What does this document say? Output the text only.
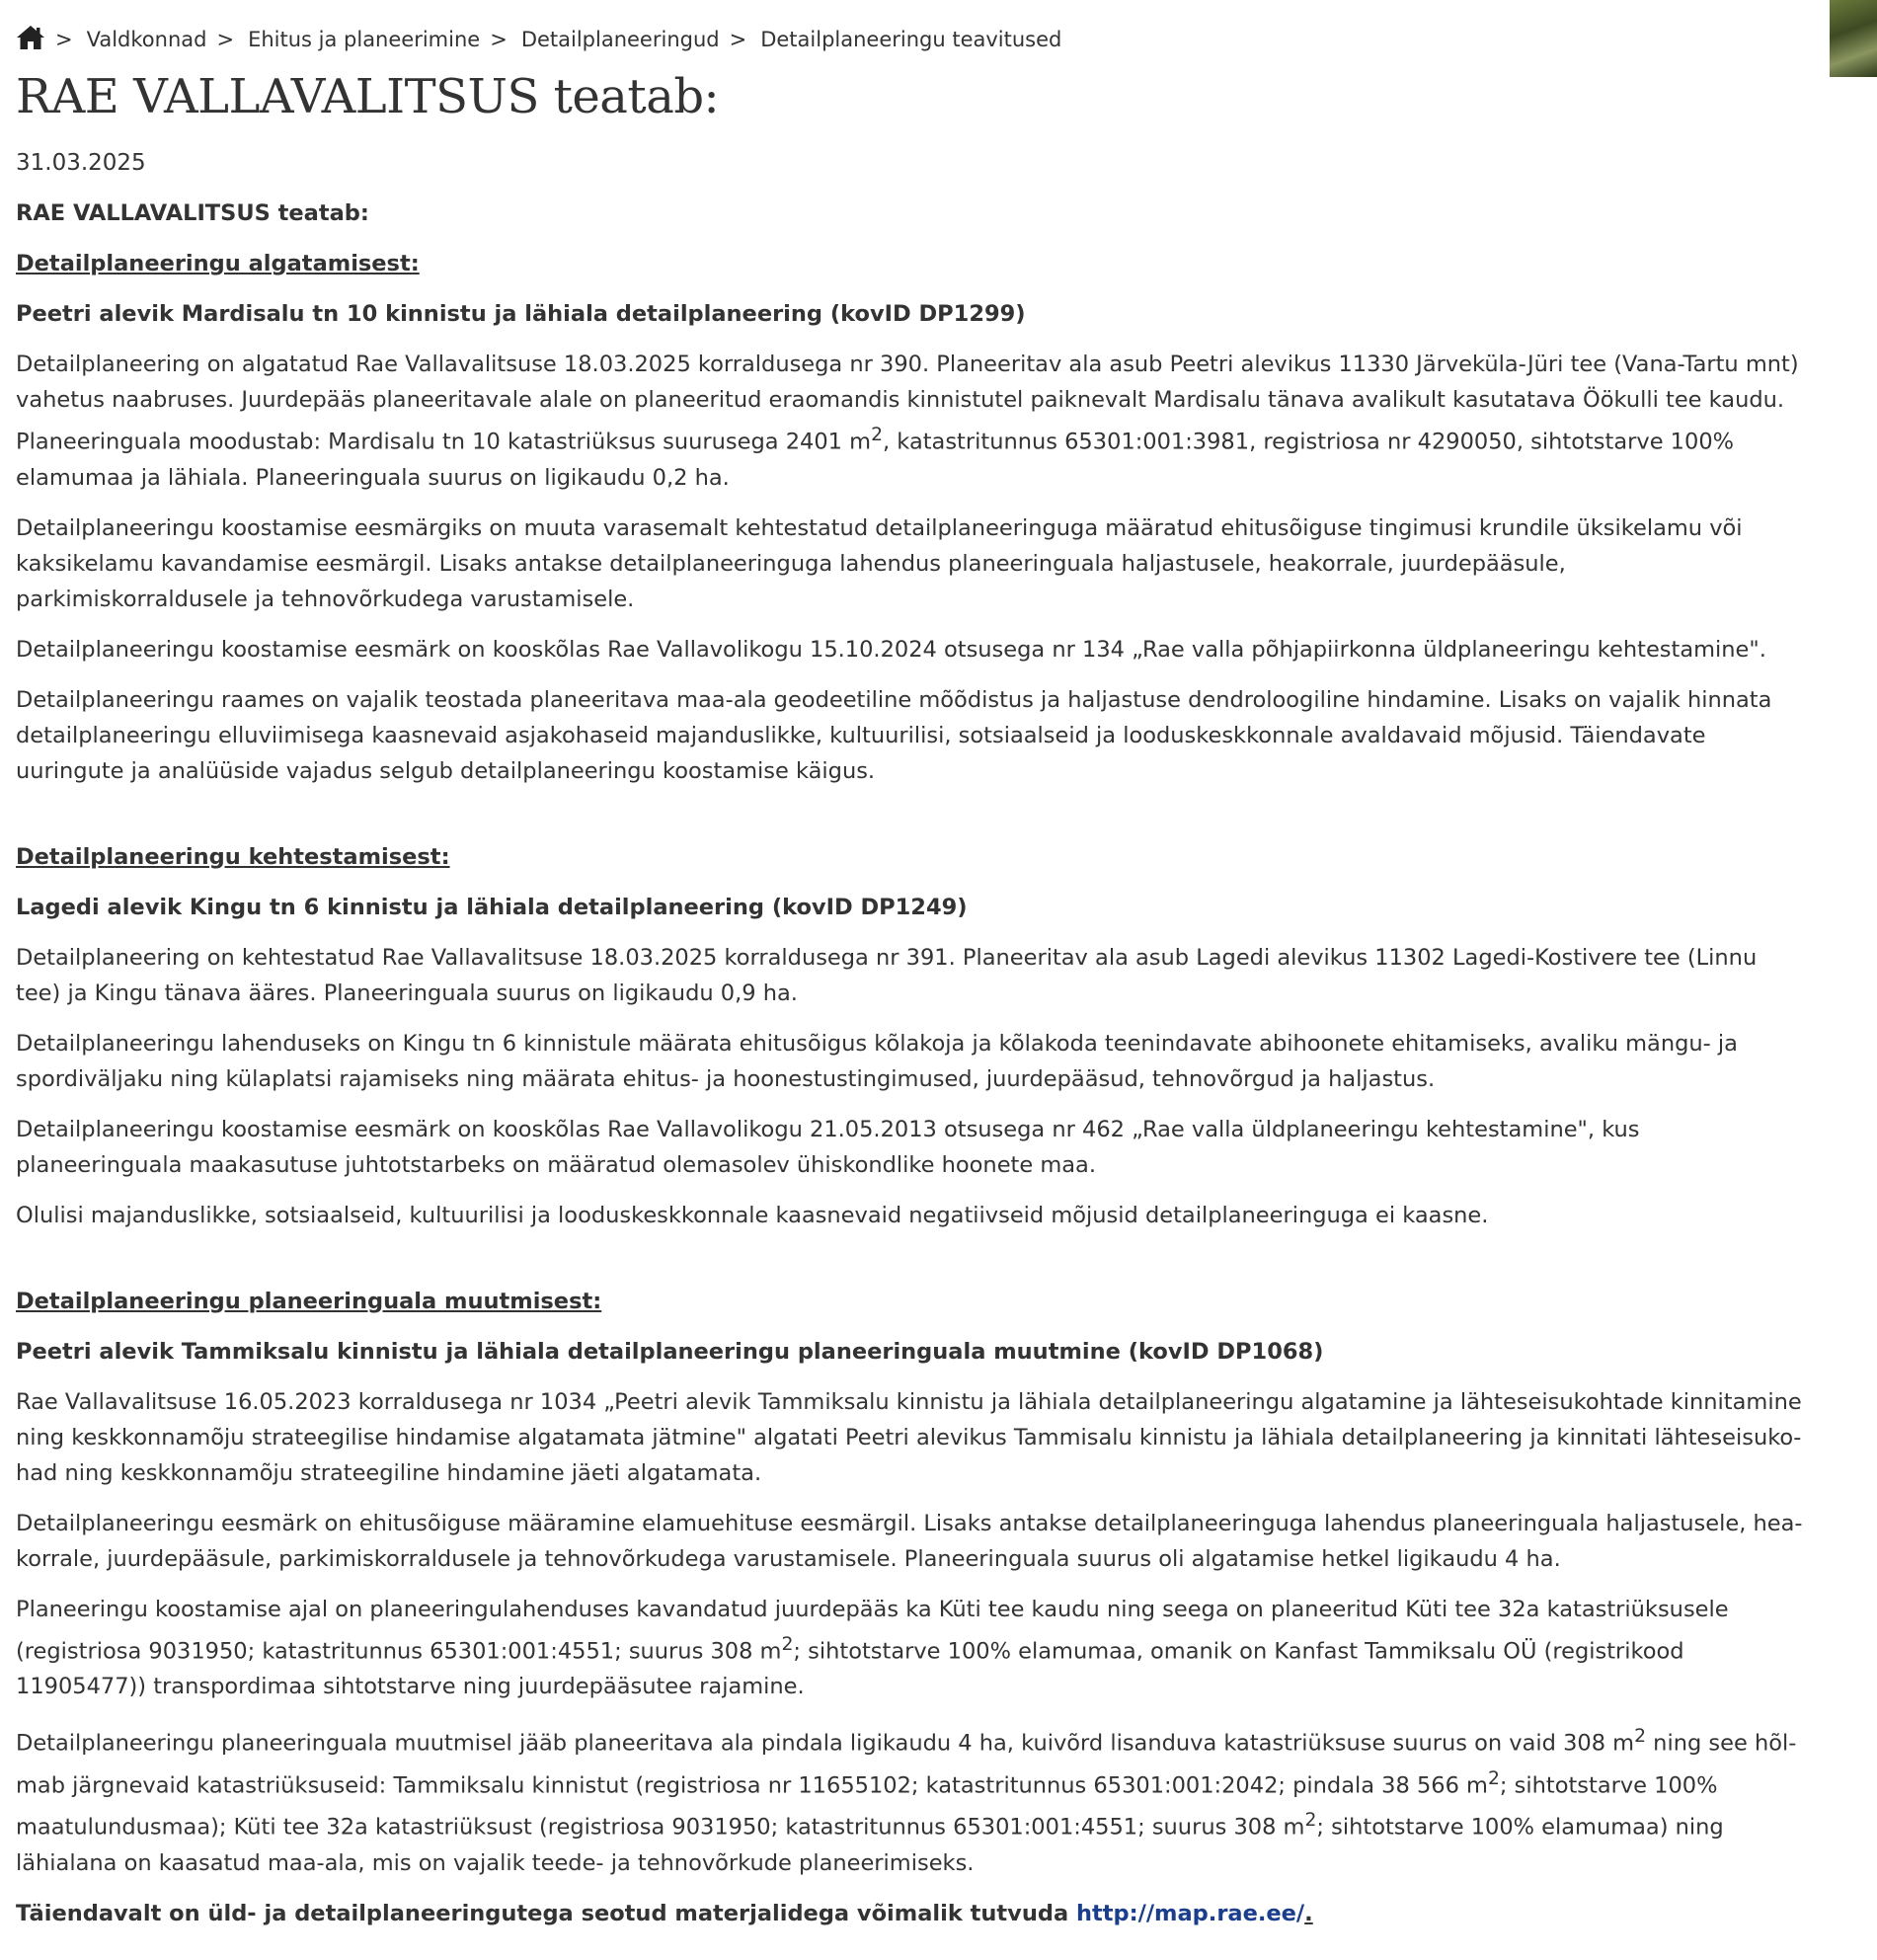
> Valdkonnad > Ehitus ja planeerimine > Detailplaneeringud > Detailplaneeringu teavitused
RAE VALLAVALITSUS teatab:
31.03.2025

RAE VALLAVALITSUS teatab:

Detailplaneeringu algatamisest:

Peetri alevik Mardisalu tn 10 kinnistu ja lähiala detailplaneering (kovID DP1299)

Detailplaneering on algatatud Rae Vallavalitsuse 18.03.2025 korraldusega nr 390. Planeeritav ala asub Peetri alevikus 11330 Järveküla-Jüri tee (Vana-Tartu mnt) vahetus naabruses. Juurdepääs planeeritavale alale on planeeritud eraomandis kinnistutel paiknevalt Mardisalu tänava avalikult kasutatava Öökulli tee kaudu. Planeeringuala moodustab: Mardisalu tn 10 katastriüksus suurusega 2401 $m^2$, katastritunnus 65301:001:3981, registriosa nr 4290050, sihtotstarve 100% elamumaa ja lähiala. Planeeringuala suurus on ligikaudu 0,2 ha.

Detailplaneeringu koostamise eesmärgiks on muuta varasemalt kehtestatud detailplaneeringuga määratud ehitusõiguse tingimusi krundile üksikelamu või kaksikelamu kavandamise eesmärgil. Lisaks antakse detailplaneeringuga lahendus planeeringuala haljastusele, heakorrale, juurdepääsule, parkimiskorraldusele ja tehnovõrkudega varustamisele.

Detailplaneeringu koostamise eesmärk on kooskõlas Rae Vallavolikogu 15.10.2024 otsusega nr 134 „Rae valla põhjapiirkonna üldplaneeringu kehtestamine".

Detailplaneeringu raames on vajalik teostada planeeritava maa-ala geodeetiline mõõdistus ja haljastuse dendroloogiline hindamine. Lisaks on vajalik hinnata detailplaneeringu elluviimisega kaasnevaid asjakohaseid majanduslikke, kultuurilisi, sotsiaalseid ja looduskeskkonnale avaldavaid mõjusid. Täiendavate uuringute ja analüüside vajadus selgub detailplaneeringu koostamise käigus.

Detailplaneeringu kehtestamisest:

Lagedi alevik Kingu tn 6 kinnistu ja lähiala detailplaneering (kovID DP1249)

Detailplaneering on kehtestatud Rae Vallavalitsuse 18.03.2025 korraldusega nr 391. Planeeritav ala asub Lagedi alevikus 11302 Lagedi-Kostivere tee (Linnu tee) ja Kingu tänava ääres. Planeeringuala suurus on ligikaudu 0,9 ha.

Detailplaneeringu lahenduseks on Kingu tn 6 kinnistule määrata ehitusõigus kõlakoja ja kõlakoda teenindavate abihoonete ehitamiseks, avaliku mängu- ja spordiväljaku ning külaplatsi rajamiseks ning määrata ehitus- ja hoonestustingimused, juurdepääsud, tehnovõrgud ja haljastus.

Detailplaneeringu koostamise eesmärk on kooskõlas Rae Vallavolikogu 21.05.2013 otsusega nr 462 „Rae valla üldplaneeringu kehtestamine", kus planeeringuala maakasutuse juhtotstarbeks on määratud olemasolev ühiskondlike hoonete maa.

Olulisi majanduslikke, sotsiaalseid, kultuurilisi ja looduskeskkonnale kaasnevaid negatiivseid mõjusid detailplaneeringuga ei kaasne.

Detailplaneeringu planeeringuala muutmisest:

Peetri alevik Tammiksalu kinnistu ja lähiala detailplaneeringu planeeringuala muutmine (kovID DP1068)

Rae Vallavalitsuse 16.05.2023 korraldusega nr 1034 „Peetri alevik Tammiksalu kinnistu ja lähiala detailplaneeringu algatamine ja lähteseisukohtade kinnitamine ning keskkonnamõju strateegilise hindamise algatamata jätmine" algatati Peetri alevikus Tammisalu kinnistu ja lähiala detailplaneering ja kinnitati lähteseisukohad ning keskkonnamõju strateegiline hindamine jäeti algatamata.

Detailplaneeringu eesmärk on ehitusõiguse määramine elamuehituse eesmärgil. Lisaks antakse detailplaneeringuga lahendus planeeringuala haljastusele, heakorrale, juurdepääsule, parkimiskorraldusele ja tehnovõrkudega varustamisele. Planeeringuala suurus oli algatamise hetkel ligikaudu 4 ha.

Planeeringu koostamise ajal on planeeringulahenduses kavandatud juurdepääs ka Küti tee kaudu ning seega on planeeritud Küti tee 32a katastriüksusele (registriosa 9031950; katastritunnus 65301:001:4551; suurus 308 $m^2$; sihtotstarve 100% elamumaa, omanik on Kanfast Tammiksalu OÜ (registrikood 11905477)) transpordimaa sihtotstarve ning juurdepääsutee rajamine.

Detailplaneeringu planeeringuala muutmisel jääb planeeritava ala pindala ligikaudu 4 ha, kuivõrd lisanduva katastriüksuse suurus on vaid 308 $m^2$ ning see hõlmab järgnevaid katastriüksuseid: Tammiksalu kinnistut (registriosa nr 11655102; katastritunnus 65301:001:2042; pindala 38 566 $m^2$; sihtotstarve 100% maatulundusmaa); Küti tee 32a katastriüksust (registriosa 9031950; katastritunnus 65301:001:4551; suurus 308 $m^2$; sihtotstarve 100% elamumaa) ning lähialana on kaasatud maa-ala, mis on vajalik teede- ja tehnovõrkude planeerimiseks.

Täiendavalt on üld- ja detailplaneeringutega seotud materjalidega võimalik tutvuda http://map.rae.ee/.
